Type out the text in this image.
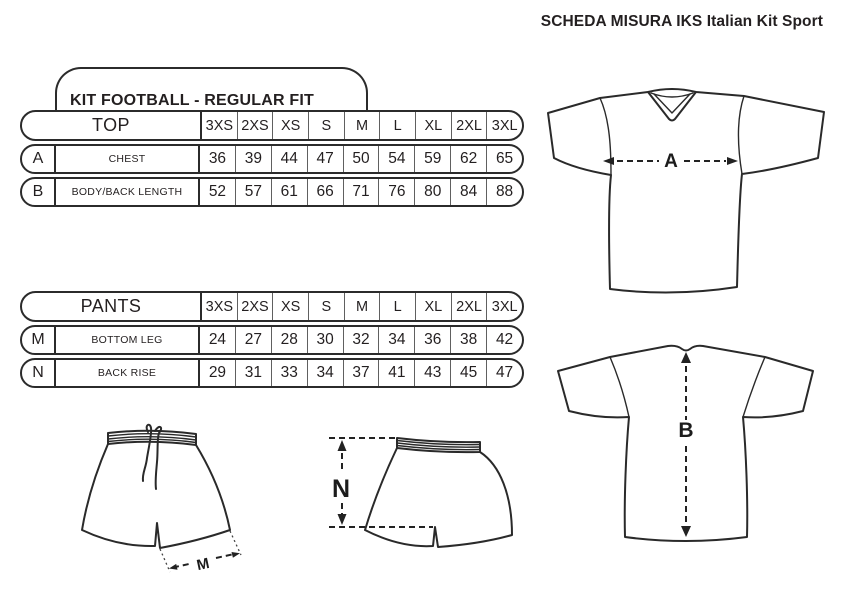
SCHEDA MISURA IKS Italian Kit Sport
KIT FOOTBALL - REGULAR FIT
TOP	3XS 2XS XS	S	M	L	XL 2XL 3XL
A	CHEST	36	39	44	47	50	54	59	62	65
B	BODY/BACK LENGTH	52	57	61	66	71	76	80	84	88
PANTS	3XS 2XS XS	S	M	L	XL 2XL 3XL
M	BOTTOM LEG	24	27	28	30	32	34	36	38	42
N	BACK RISE	29	31	33	34	37	41	43	45	47
A
B
M
N
